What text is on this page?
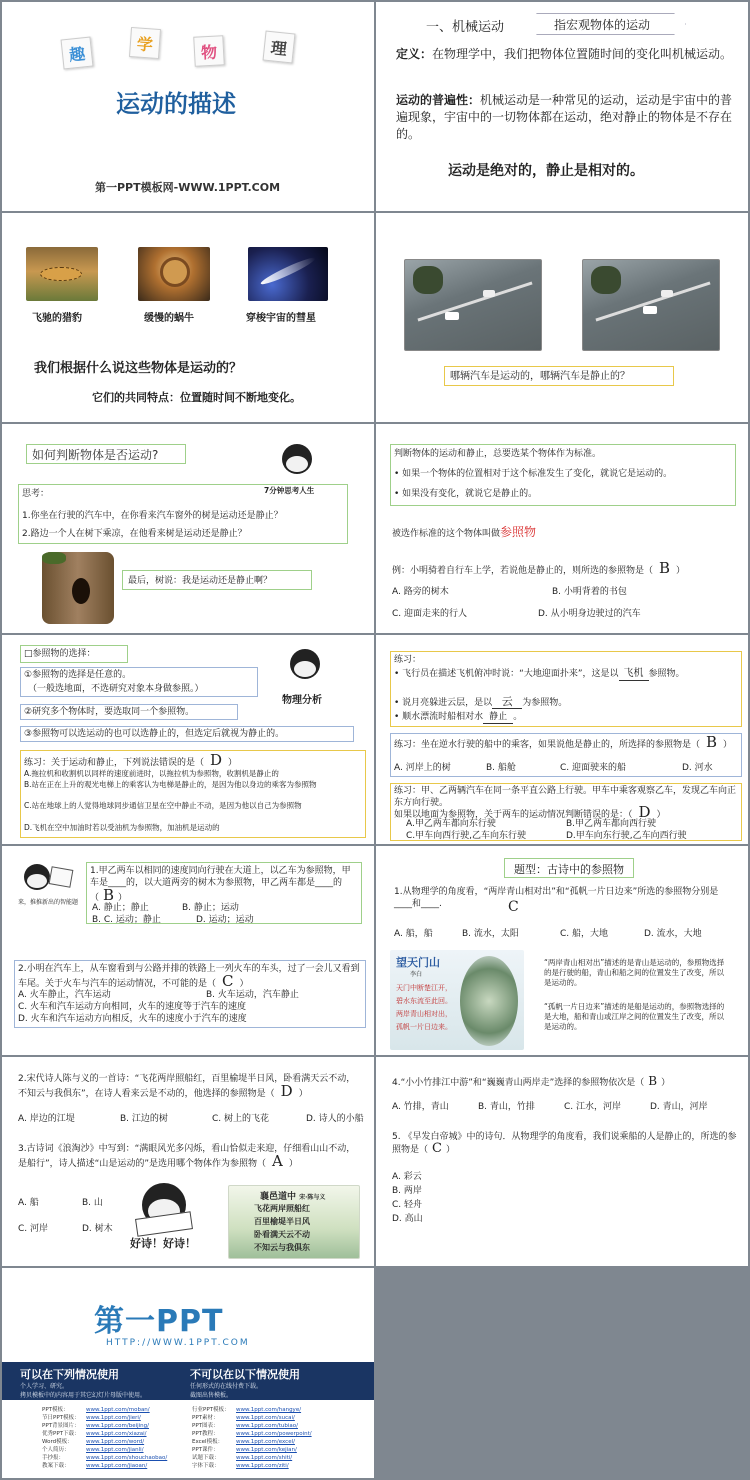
趣	学	物	理
运动的描述
第一PPT模板网-WWW.1PPT.COM
一、机械运动	指宏观物体的运动
定义：在物理学中，我们把物体位置随时间的变化叫机械运动。
运动的普遍性：机械运动是一种常见的运动，运动是宇宙中的普遍现象，宇宙中的一切物体都在运动，绝对静止的物体是不存在的。
运动是绝对的，静止是相对的。
飞驰的猎豹	缓慢的蜗牛	穿梭宇宙的彗星
我们根据什么说这些物体是运动的？
它们的共同特点：位置随时间不断地变化。
哪辆汽车是运动的，哪辆汽车是静止的？
如何判断物体是否运动?
7分钟思考人生
思考：
1.你坐在行驶的汽车中，在你看来汽车窗外的树是运动还是静止？
2.路边一个人在树下乘凉，在他看来树是运动还是静止？
最后，树说：我是运动还是静止啊？
判断物体的运动和静止，总要选某个物体作为标准。
• 如果一个物体的位置相对于这个标准发生了变化，就说它是运动的。
• 如果没有变化，就说它是静止的。
被选作标准的这个物体叫做参照物
例：小明骑着自行车上学，若说他是静止的，则所选的参照物是（ B ）
A. 路旁的树木	B. 小明背着的书包
C. 迎面走来的行人	D. 从小明身边驶过的汽车
□参照物的选择：
①参照物的选择是任意的。
（一般选地面，不选研究对象本身做参照。）
②研究多个物体时，要选取同一个参照物。
③参照物可以选运动的也可以选静止的，但选定后就视为静止的。
物理分析
练习：关于运动和静止，下列说法错误的是（ D ）
A.拖拉机和收割机以同样的速度前进时，以拖拉机为参照物，收割机是静止的
B.站在正在上升的观光电梯上的乘客认为电梯是静止的，是因为他以身边的乘客为参照物
C.站在地球上的人觉得地球同步通信卫星在空中静止不动，是因为他以自己为参照物
D.飞机在空中加油时若以受油机为参照物，加油机是运动的
练习：
• 飞行员在描述飞机俯冲时说：“大地迎面扑来”，这是以 飞机 参照物。
• 说月亮躲进云层，是以 云 为参照物。
• 顺水漂流时船相对水 静止 。
练习：坐在逆水行驶的船中的乘客，如果说他是静止的，所选择的参照物是（ B ）
A. 河岸上的树	B. 船舱	C. 迎面驶来的船	D. 河水
练习：甲、乙两辆汽车在同一条平直公路上行驶。甲车中乘客观察乙车，发现乙车向正东方向行驶。
如果以地面为参照物，关于两车的运动情况判断错误的是：（ D ）
A.甲乙两车都向东行驶	B.甲乙两车都向西行驶
C.甲车向西行驶,乙车向东行驶	D.甲车向东行驶,乙车向西行驶
来，推推新出的智能题
1.甲乙两车以相同的速度同向行驶在大道上，以乙车为参照物，甲车是____的，以大道两旁的树木为参照物，甲乙两车都是____的（ B ）
A. 静止；静止	B. 静止；运动
B. C. 运动；静止	D. 运动；运动
2.小明在汽车上，从车窗看到与公路并排的铁路上一列火车的车头，过了一会儿又看到车尾。关于火车与汽车的运动情况，不可能的是（ C ）
A. 火车静止，汽车运动	B. 火车运动，汽车静止
C. 火车和汽车运动方向相同，火车的速度等于汽车的速度
D. 火车和汽车运动方向相反，火车的速度小于汽车的速度
题型：古诗中的参照物
1.从物理学的角度看，“两岸青山相对出”和“孤帆一片日边来”所选的参照物分别是____和____.	C
A. 船，船	B. 流水，太阳	C. 船，大地	D. 流水，大地
望天门山
李白
天门中断楚江开，
碧水东流至此回。
两岸青山相对出，
孤帆一片日边来。
“两岸青山相对出”描述的是青山是运动的，参照物选择的是行驶的船，青山和船之间的位置发生了改变，所以是运动的。
“孤帆一片日边来”描述的是船是运动的，参照物选择的是大地，船和青山或江岸之间的位置发生了改变，所以是运动的。
2.宋代诗人陈与义的一首诗：“飞花两岸照船红，百里榆堤半日风，卧看满天云不动，不知云与我俱东”，在诗人看来云是不动的，他选择的参照物是（ D ）
A. 岸边的江堤	B. 江边的树	C. 树上的飞花	D. 诗人的小船
3.古诗词《浪淘沙》中写到：“满眼风光多闪烁，看山恰似走来迎，仔细看山山不动，是船行”，诗人描述“山是运动的”是选用哪个物体作为参照物（ A ）
A. 船	B. 山
C. 河岸	D. 树木
好诗！好诗！
襄邑道中 宋·陈与义
飞花两岸照船红
百里榆堤半日风
卧看满天云不动
不知云与我俱东
4.“小小竹排江中游”和“巍巍青山两岸走”选择的参照物依次是（ B ）
A. 竹排，青山	B. 青山，竹排	C. 江水，河岸	D. 青山，河岸
5. 《早发白帝城》中的诗句．从物理学的角度看，我们说乘船的人是静止的，所选的参照物是（ C ）
A. 彩云
B. 两岸
C. 轻舟
D. 高山
第一PPT
HTTP://WWW.1PPT.COM
可以在下列情况使用
个人学习、研究。
拷贝模板中的内容用于其它幻灯片母版中使用。
不可以在以下情况使用
任何形式的在线付费下载。
截图出售模板。
PPT模板：	www.1ppt.com/moban/
节日PPT模板： www.1ppt.com/jieri/
PPT背景图片： www.1ppt.com/beijing/
优秀PPT下载： www.1ppt.com/xiazai/
Word模板： www.1ppt.com/word/
个人简历：	www.1ppt.com/jianli/
手抄报：	www.1ppt.com/shouchaobao/
教案下载：	www.1ppt.com/jiaoan/
行业PPT模板： www.1ppt.com/hangye/
PPT素材：	www.1ppt.com/sucai/
PPT图表：	www.1ppt.com/tubiao/
PPT教程：	www.1ppt.com/powerpoint/
Excel模板： www.1ppt.com/excel/
PPT课件：	www.1ppt.com/kejian/
试题下载：	www.1ppt.com/shiti/
字体下载：	www.1ppt.com/ziti/
